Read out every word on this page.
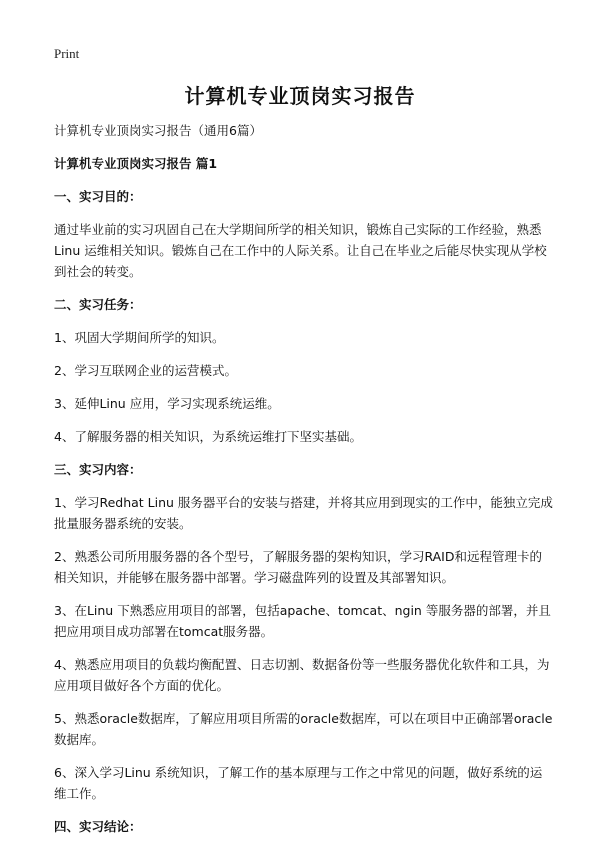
Print
计算机专业顶岗实习报告

计算机专业顶岗实习报告（通用6篇）

计算机专业顶岗实习报告 篇1

一、实习目的：

通过毕业前的实习巩固自己在大学期间所学的相关知识，锻炼自己实际的工作经验，熟悉Linu 运维相关知识。锻炼自己在工作中的人际关系。让自己在毕业之后能尽快实现从学校到社会的转变。

二、实习任务：

1、巩固大学期间所学的知识。

2、学习互联网企业的运营模式。

3、延伸Linu 应用，学习实现系统运维。

4、了解服务器的相关知识，为系统运维打下坚实基础。

三、实习内容：

1、学习Redhat Linu 服务器平台的安装与搭建，并将其应用到现实的工作中，能独立完成批量服务器系统的安装。

2、熟悉公司所用服务器的各个型号，了解服务器的架构知识，学习RAID和远程管理卡的相关知识，并能够在服务器中部署。学习磁盘阵列的设置及其部署知识。

3、在Linu 下熟悉应用项目的部署，包括apache、tomcat、ngin 等服务器的部署，并且把应用项目成功部署在tomcat服务器。

4、熟悉应用项目的负载均衡配置、日志切割、数据备份等一些服务器优化软件和工具，为应用项目做好各个方面的优化。

5、熟悉oracle数据库，了解应用项目所需的oracle数据库，可以在项目中正确部署oracle数据库。

6、深入学习Linu 系统知识，了解工作的基本原理与工作之中常见的问题，做好系统的运维工作。

四、实习结论：
